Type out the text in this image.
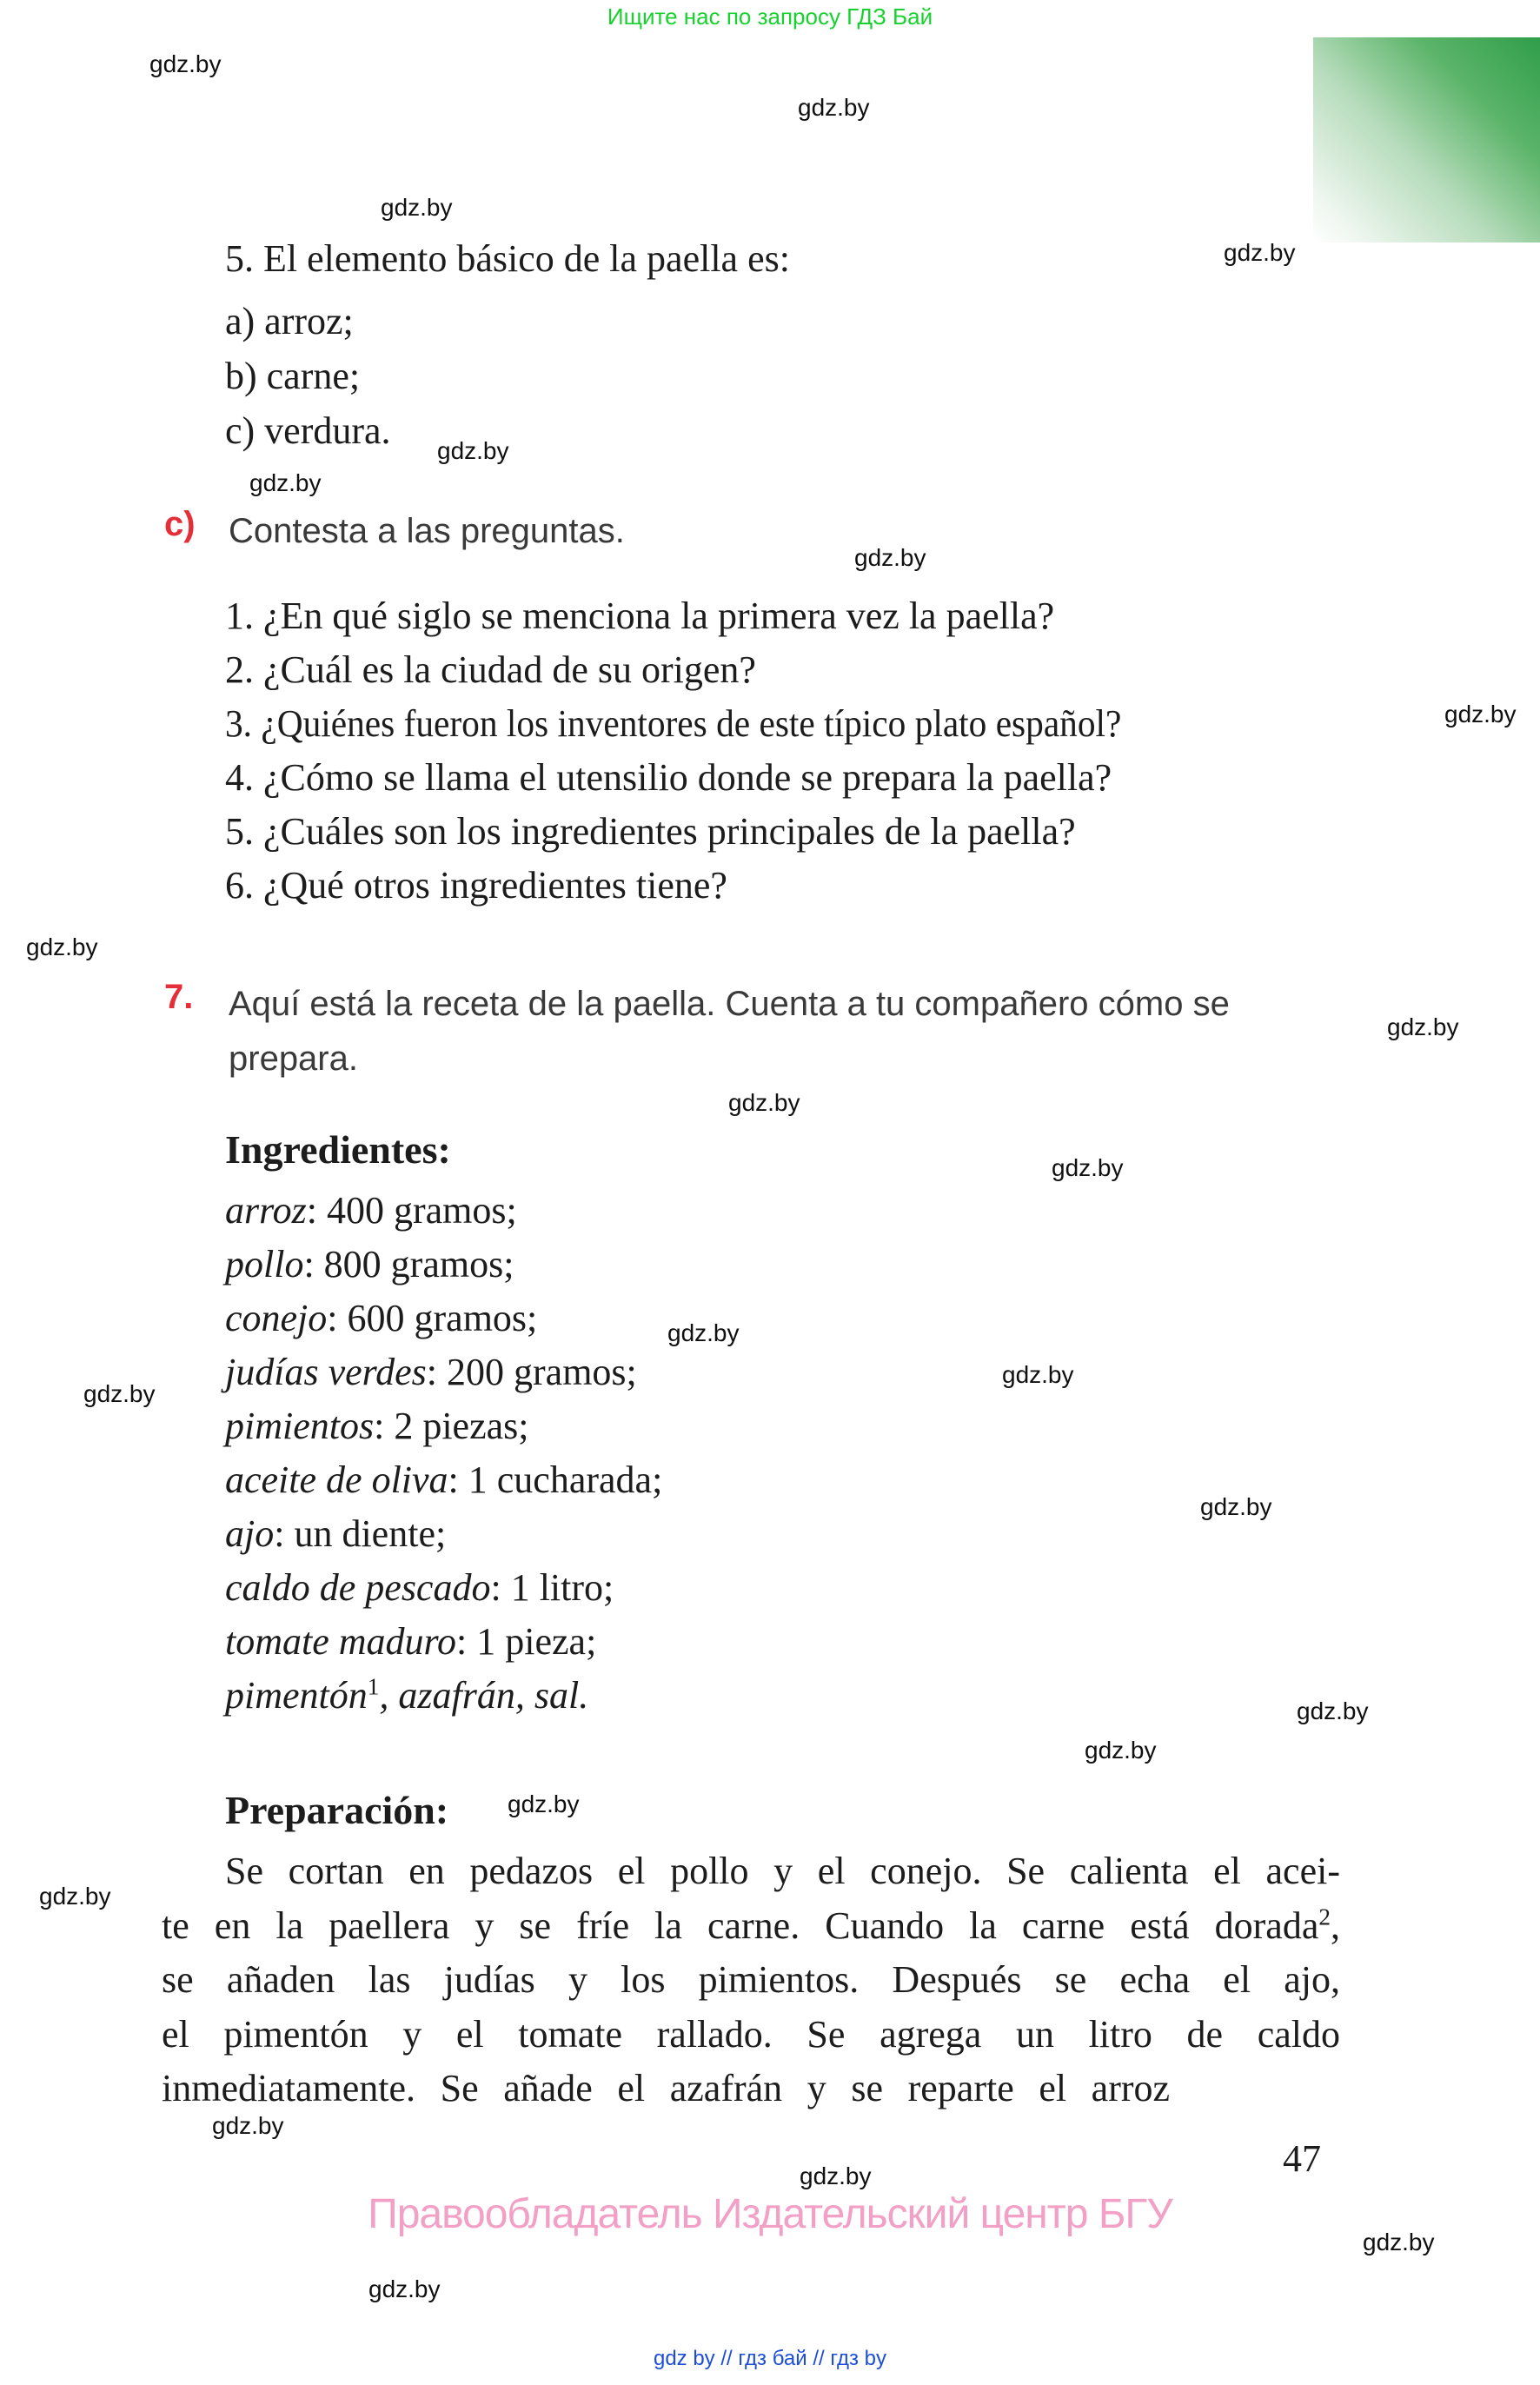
Ищите нас по запросу ГДЗ Бай
gdz.by
gdz.by
gdz.by
gdz.by
gdz.by
gdz.by
gdz.by
gdz.by
gdz.by
gdz.by
gdz.by
gdz.by
gdz.by
gdz.by
gdz.by
gdz.by
gdz.by
gdz.by
gdz.by
gdz.by
gdz.by
gdz.by
gdz.by
gdz.by
5. El elemento básico de la paella es:
a) arroz;
b) carne;
c) verdura.
c) Contesta a las preguntas.
1. ¿En qué siglo se menciona la primera vez la paella?
2. ¿Cuál es la ciudad de su origen?
3. ¿Quiénes fueron los inventores de este típico plato español?
4. ¿Cómo se llama el utensilio donde se prepara la paella?
5. ¿Cuáles son los ingredientes principales de la paella?
6. ¿Qué otros ingredientes tiene?
7.	Aquí está la receta de la paella. Cuenta a tu compañero cómo se
prepara.
Ingredientes:
arroz: 400 gramos;
pollo: 800 gramos;
conejo: 600 gramos;
judías verdes: 200 gramos;
pimientos: 2 piezas;
aceite de oliva: 1 cucharada;
ajo: un diente;
caldo de pescado: 1 litro;
tomate maduro: 1 pieza;
pimentón$^1$, azafrán, sal.
Preparación:
Se cortan en pedazos el pollo y el conejo. Se calienta el acei-
te en la paellera y se fríe la carne. Cuando la carne está dorada$^2$,
se añaden las judías y los pimientos. Después se echa el ajo,
el pimentón y el tomate rallado. Se agrega un litro de caldo
inmediatamente. Se añade el azafrán y se reparte el arroz
47
Правообладатель Издательский центр БГУ
gdz by // гдз бай // гдз by
